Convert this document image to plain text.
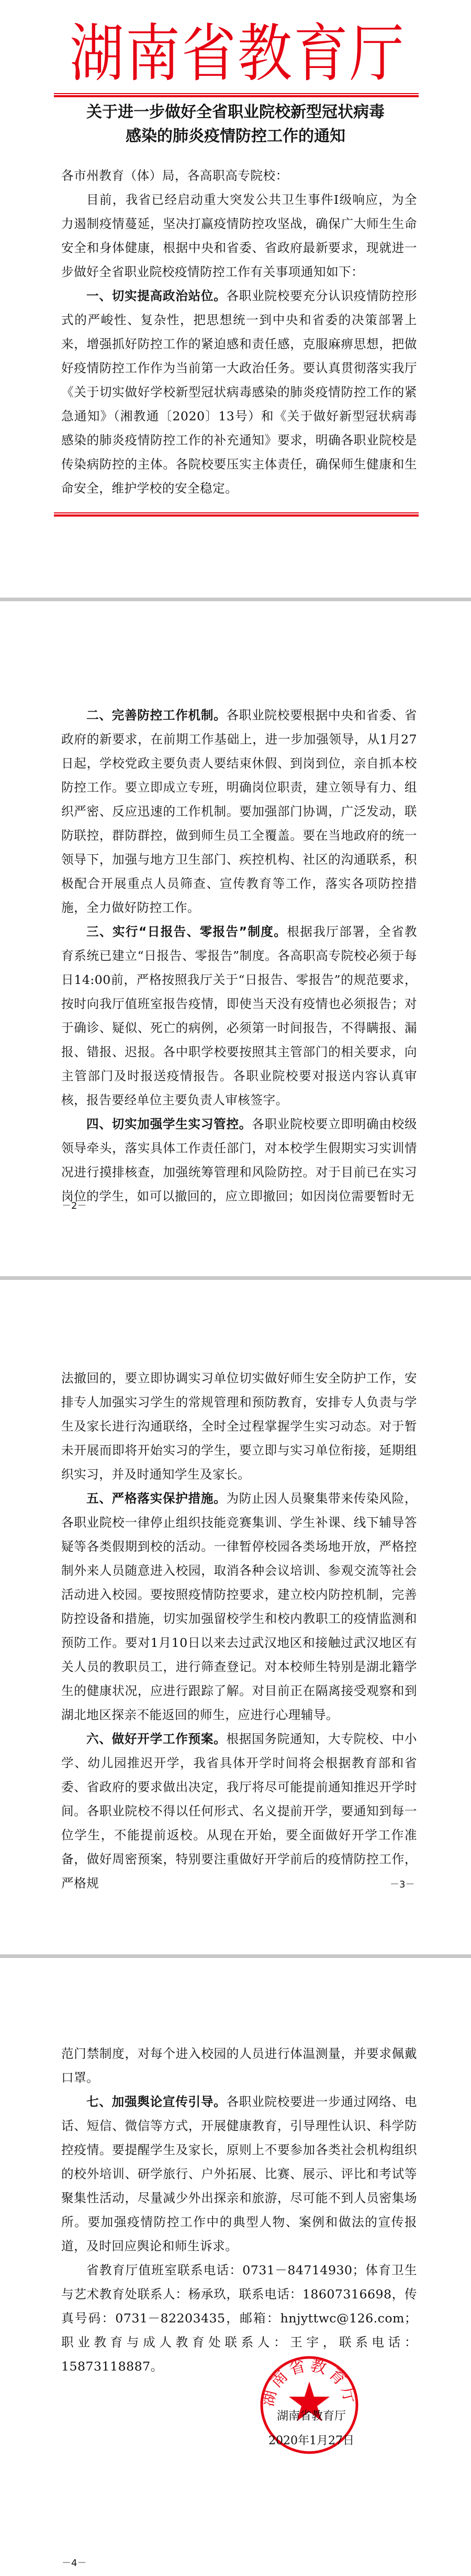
湖 南 省 教 育 厅
关于进一步做好全省职业院校新型冠状病毒
感染的肺炎疫情防控工作的通知

各市州教育（体）局，各高职高专院校：

目前，我省已经启动重大突发公共卫生事件Ⅰ级响应，为全力遏制疫情蔓延，坚决打赢疫情防控攻坚战，确保广大师生生命安全和身体健康，根据中央和省委、省政府最新要求，现就进一步做好全省职业院校疫情防控工作有关事项通知如下：

一、切实提高政治站位。各职业院校要充分认识疫情防控形式的严峻性、复杂性，把思想统一到中央和省委的决策部署上来，增强抓好防控工作的紧迫感和责任感，克服麻痹思想，把做好疫情防控工作作为当前第一大政治任务。要认真贯彻落实我厅《关于切实做好学校新型冠状病毒感染的肺炎疫情防控工作的紧急通知》（湘教通〔2020〕13号）和《关于做好新型冠状病毒感染的肺炎疫情防控工作的补充通知》要求，明确各职业院校是传染病防控的主体。各院校要压实主体责任，确保师生健康和生命安全，维护学校的安全稳定。

二、完善防控工作机制。各职业院校要根据中央和省委、省政府的新要求，在前期工作基础上，进一步加强领导，从1月27日起，学校党政主要负责人要结束休假、到岗到位，亲自抓本校防控工作。要立即成立专班，明确岗位职责，建立领导有力、组织严密、反应迅速的工作机制。要加强部门协调，广泛发动，联防联控，群防群控，做到师生员工全覆盖。要在当地政府的统一领导下，加强与地方卫生部门、疾控机构、社区的沟通联系，积极配合开展重点人员筛查、宣传教育等工作，落实各项防控措施，全力做好防控工作。

三、实行“日报告、零报告”制度。根据我厅部署，全省教育系统已建立“日报告、零报告”制度。各高职高专院校必须于每日14:00前，严格按照我厅关于“日报告、零报告”的规范要求，按时向我厅值班室报告疫情，即使当天没有疫情也必须报告；对于确诊、疑似、死亡的病例，必须第一时间报告，不得瞒报、漏报、错报、迟报。各中职学校要按照其主管部门的相关要求，向主管部门及时报送疫情报告。各职业院校要对报送内容认真审核，报告要经单位主要负责人审核签字。

四、切实加强学生实习管控。各职业院校要立即明确由校级领导牵头，落实具体工作责任部门，对本校学生假期实习实训情况进行摸排核查，加强统筹管理和风险防控。对于目前已在实习岗位的学生，如可以撤回的，应立即撤回；如因岗位需要暂时无

－2－

法撤回的，要立即协调实习单位切实做好师生安全防护工作，安排专人加强实习学生的常规管理和预防教育，安排专人负责与学生及家长进行沟通联络，全时全过程掌握学生实习动态。对于暂未开展而即将开始实习的学生，要立即与实习单位衔接，延期组织实习，并及时通知学生及家长。

五、严格落实保护措施。为防止因人员聚集带来传染风险，各职业院校一律停止组织技能竞赛集训、学生补课、线下辅导答疑等各类假期到校的活动。一律暂停校园各类场地开放，严格控制外来人员随意进入校园，取消各种会议培训、参观交流等社会活动进入校园。要按照疫情防控要求，建立校内防控机制，完善防控设备和措施，切实加强留校学生和校内教职工的疫情监测和预防工作。要对1月10日以来去过武汉地区和接触过武汉地区有关人员的教职员工，进行筛查登记。对本校师生特别是湖北籍学生的健康状况，应进行跟踪了解。对目前正在隔离接受观察和到湖北地区探亲不能返回的师生，应进行心理辅导。

六、做好开学工作预案。根据国务院通知，大专院校、中小学、幼儿园推迟开学，我省具体开学时间将会根据教育部和省委、省政府的要求做出决定，我厅将尽可能提前通知推迟开学时间。各职业院校不得以任何形式、名义提前开学，要通知到每一位学生，不能提前返校。从现在开始，要全面做好开学工作准备，做好周密预案，特别要注重做好开学前后的疫情防控工作，严格规	－3－

范门禁制度，对每个进入校园的人员进行体温测量，并要求佩戴口罩。

七、加强舆论宣传引导。各职业院校要进一步通过网络、电话、短信、微信等方式，开展健康教育，引导理性认识、科学防控疫情。要提醒学生及家长，原则上不要参加各类社会机构组织的校外培训、研学旅行、户外拓展、比赛、展示、评比和考试等聚集性活动，尽量减少外出探亲和旅游，尽可能不到人员密集场所。要加强疫情防控工作中的典型人物、案例和做法的宣传报道，及时回应舆论和师生诉求。

省教育厅值班室联系电话：0731－84714930；体育卫生与艺术教育处联系人：杨承玖，联系电话：18607316698，传真号码：0731－82203435，邮箱：hnjyttwc@126.com；职业教育与成人教育处联系人：王宇，联系电话：15873118887。

－4－
湖南省教育厅
湖南省教育厅
2020年1月27日
